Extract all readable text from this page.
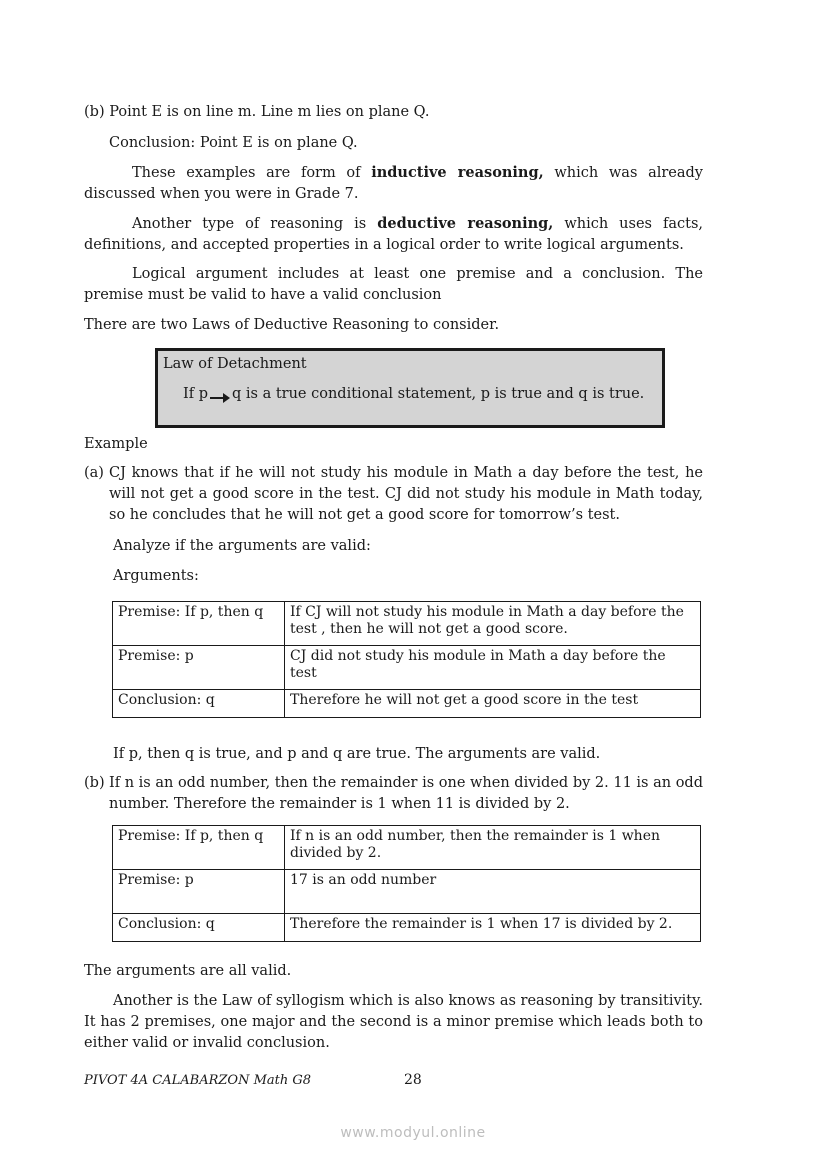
(b) Point E is on line m. Line m lies on plane Q.

Conclusion: Point E is on plane Q.

These examples are form of inductive reasoning, which was already discussed when you were in Grade 7.

Another type of reasoning is deductive reasoning, which uses facts, definitions, and accepted properties in a logical order to write logical arguments.

Logical argument includes at least one premise and a conclusion. The premise must be valid to have a valid conclusion

There are two Laws of Deductive Reasoning to consider.

Law of Detachment
If p q is a true conditional statement, p is true and q is true.

Example

(a) CJ knows that if he will not study his module in Math a day before the test, he will not get a good score in the test. CJ did not study his module in Math today, so he concludes that he will not get a good score for tomorrow’s test.

Analyze if the arguments are valid:

Arguments:

Premise: If p, then q	If CJ will not study his module in Math a day before the test , then he will not get a good score.
Premise: p	CJ did not study his module in Math a day before the test
Conclusion: q	Therefore he will not get a good score in the test

If p, then q is true, and p and q are true. The arguments are valid.

(b) If n is an odd number, then the remainder is one when divided by 2. 11 is an odd number. Therefore the remainder is 1 when 11 is divided by 2.
Premise: If p, then q	If n is an odd number, then the remainder is 1 when divided by 2.
Premise: p	17 is an odd number
Conclusion: q	Therefore the remainder is 1 when 17 is divided by 2.

The arguments are all valid.

Another is the Law of syllogism which is also knows as reasoning by transitivity. It has 2 premises, one major and the second is a minor premise which leads both to either valid or invalid conclusion.

PIVOT 4A CALABARZON Math G8	28
www.modyul.online
